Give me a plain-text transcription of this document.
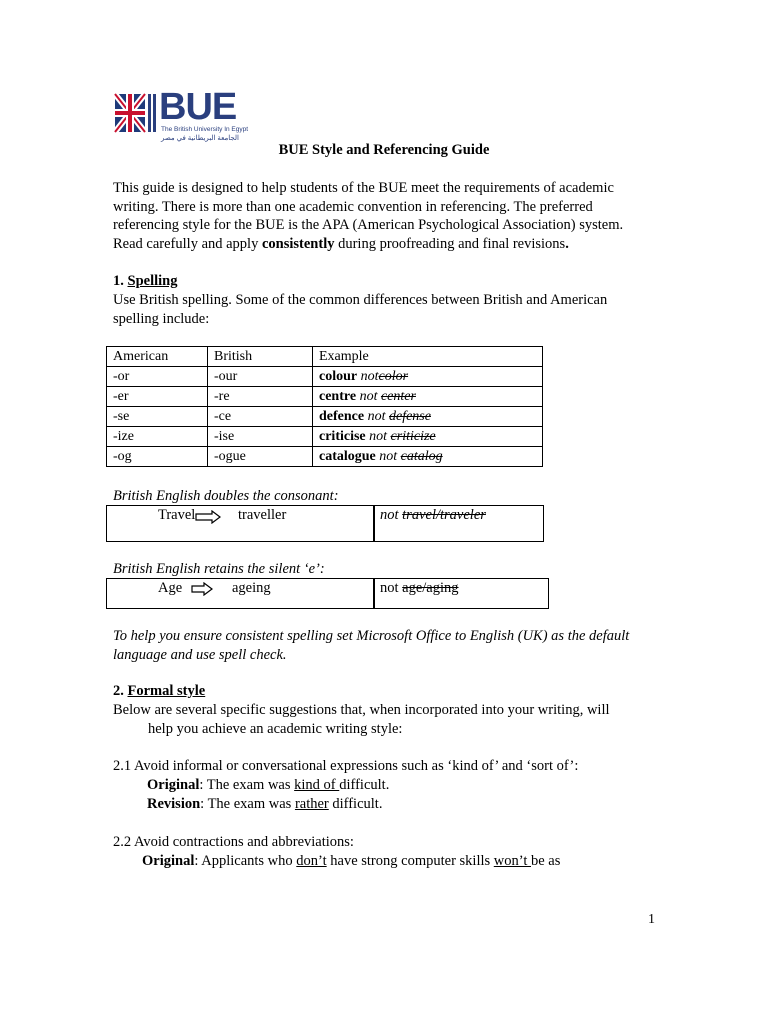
BUE
The British University In Egypt
الجامعة البريطانية في مصر
BUE Style and Referencing Guide
This guide is designed to help students of the BUE meet the requirements of academic
writing. There is more than one academic convention in referencing. The preferred
referencing style for the BUE is the APA (American Psychological Association) system.
Read carefully and apply consistently during proofreading and final revisions.
1. Spelling
Use British spelling. Some of the common differences between British and American
spelling include:
American	British	Example
-or	-our	colour notcolor
-er	-re	centre not center
-se	-ce	defence not defense
-ize	-ise	criticise not criticize
-og	-ogue	catalogue not catalog
British English doubles the consonant:
Travel	traveller	not travel/traveler
British English retains the silent ‘e’:
Age	ageing	not age/aging
To help you ensure consistent spelling set Microsoft Office to English (UK) as the default
language and use spell check.
2. Formal style
Below are several specific suggestions that, when incorporated into your writing, will
help you achieve an academic writing style:
2.1 Avoid informal or conversational expressions such as ‘kind of’ and ‘sort of’:
Original: The exam was kind of difficult.
Revision: The exam was rather difficult.
2.2 Avoid contractions and abbreviations:
Original: Applicants who don’t have strong computer skills won’t be as
1
